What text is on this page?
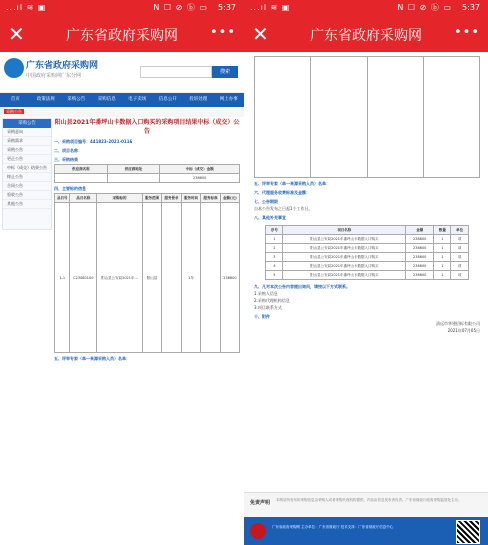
...ıl ≋ ▣	N ☐ ⊘ ⓑ ▭ 5:37
✕	广东省政府采购网	•••
广东省政府采购网
中国政府采购网广东分网
搜索
首页	政策法规	采购公告	采购信息	电子卖场	信息公开	投诉处理	网上办事
采购公告
采购公告
采购意向
采购需求
采购公告
更正公告
中标（成交）结果公告
终止公告
合同公告
验收公告
其他公告
阳山县2021年番坪山卡数据入口购买的采购项目结果中标（成交）公告
一、采购项目编号：441823-2021-0116
二、项目名称：
三、采购结果
供应商名称	供应商地址	中标（成交）金额
		238600
四、主要标的信息
品目号	品目名称	采购标的	服务范围	服务要求	服务时间	服务标准	金额(元)
1-1	C23080100	阳山县公安局2021年...	阳山县		1年		238600
五、评审专家（单一来源采购人员）名单：
...ıl ≋ ▣	N ☐ ⊘ ⓑ ▭ 5:37
✕	广东省政府采购网	•••

五、评审专家（单一来源采购人员）名单：
六、代理服务收费标准及金额：
七、公告期限

自本公告发布之日起1个工作日。

八、其他补充事宜
序号	项目名称	金额	数量	单位
1	阳山县公安局2021年番坪山卡数据入口购买	238600	1	项
2	阳山县公安局2021年番坪山卡数据入口购买	238600	1	项
3	阳山县公安局2021年番坪山卡数据入口购买	238600	1	项
4	阳山县公安局2021年番坪山卡数据入口购买	238600	1	项
5	阳山县公安局2021年番坪山卡数据入口购买	238600	1	项
九、凡对本次公告内容提出询问，请按以下方式联系。

1.采购人信息

2.采购代理机构信息

3.项目联系方式

十、附件

清远市华建招标有限公司

2021年07月05日

免责声明 本网站所发布的采购信息由采购人或者采购代理机构提供，内容由信息发布者负责。广东省财政厅政府采购监管处主办。
广东省政府采购网 主办单位：广东省财政厅 技术支持：广东省财政厅信息中心
